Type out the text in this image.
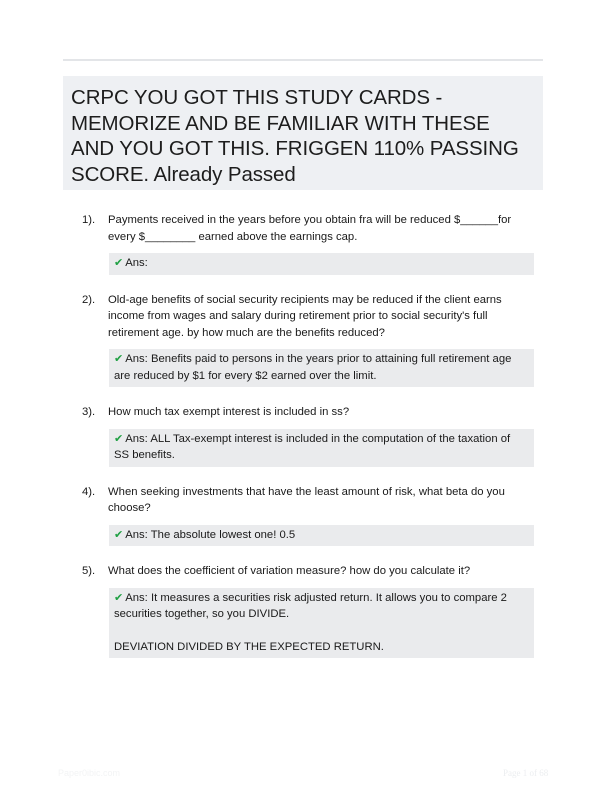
CRPC YOU GOT THIS STUDY CARDS - MEMORIZE AND BE FAMILIAR WITH THESE AND YOU GOT THIS. FRIGGEN 110% PASSING SCORE. Already Passed
1).	Payments received in the years before you obtain fra will be reduced $______for every $________ earned above the earnings cap.

✔ Ans:

2).	Old-age benefits of social security recipients may be reduced if the client earns income from wages and salary during retirement prior to social security's full retirement age. by how much are the benefits reduced?

✔ Ans: Benefits paid to persons in the years prior to attaining full retirement age are reduced by $1 for every $2 earned over the limit.

3).	How much tax exempt interest is included in ss?

✔ Ans: ALL Tax-exempt interest is included in the computation of the taxation of SS benefits.

4).	When seeking investments that have the least amount of risk, what beta do you choose?

✔ Ans: The absolute lowest one! 0.5

5).	What does the coefficient of variation measure? how do you calculate it?

✔ Ans: It measures a securities risk adjusted return. It allows you to compare 2 securities together, so you DIVIDE.

DEVIATION DIVIDED BY THE EXPECTED RETURN.

Paper0ibic.com	Page 1 of 68
